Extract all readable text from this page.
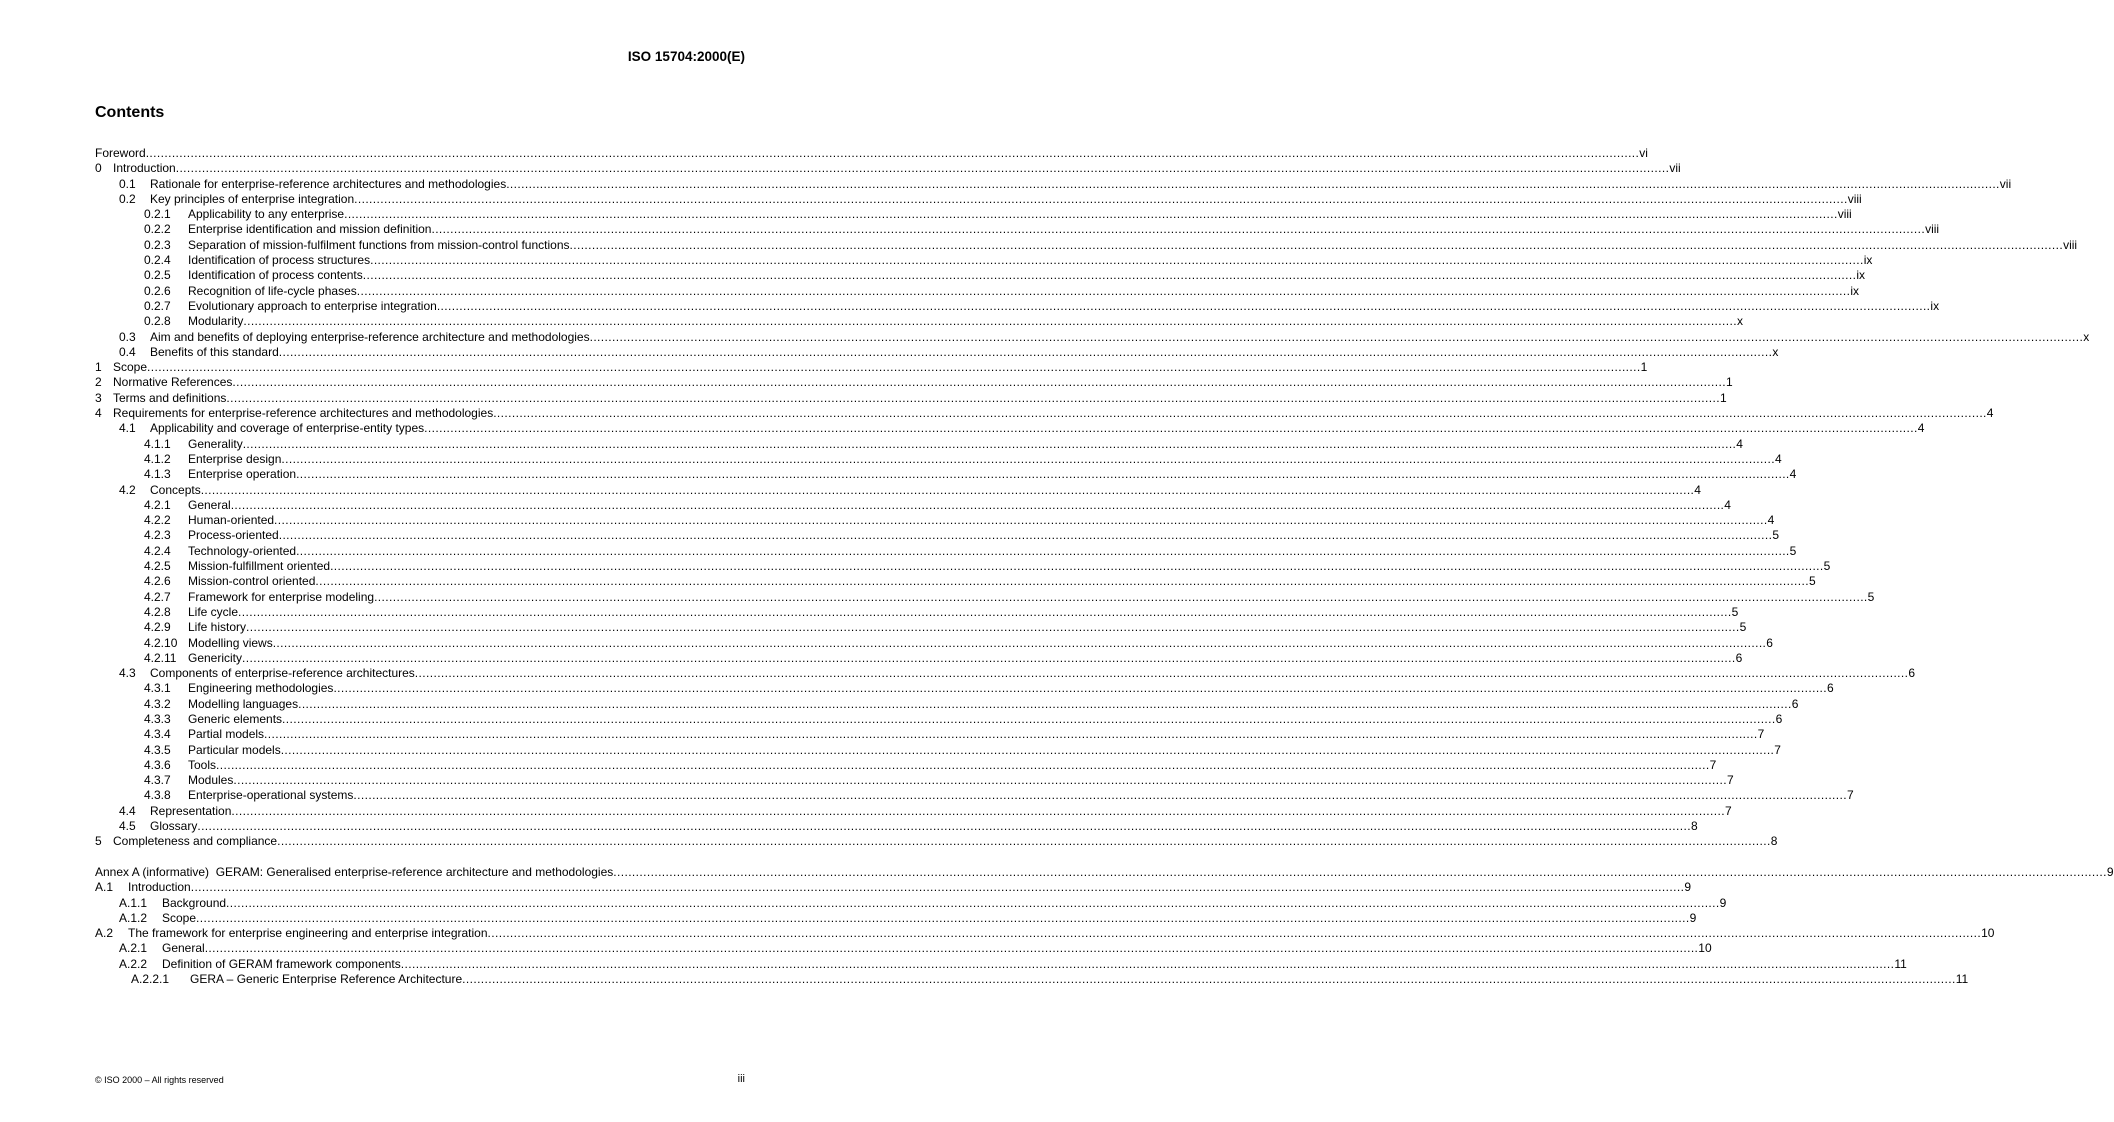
ISO 15704:2000(E)
Contents
Foreword ................................................................................................................................................................................................................................................................................................................................................................................................................ vi
0 Introduction ................................................................................................................................................................................................................................................................................................................................................................................................................ vii
0.1	Rationale for enterprise-reference architectures and methodologies ................................................................................................................................................................................................................................................................................................................................................................................................................ vii
0.2	Key principles of enterprise integration ................................................................................................................................................................................................................................................................................................................................................................................................................ viii
0.2.1	Applicability to any enterprise ................................................................................................................................................................................................................................................................................................................................................................................................................ viii
0.2.2	Enterprise identification and mission definition ................................................................................................................................................................................................................................................................................................................................................................................................................ viii
0.2.3	Separation of mission-fulfilment functions from mission-control functions ................................................................................................................................................................................................................................................................................................................................................................................................................ viii
0.2.4	Identification of process structures ................................................................................................................................................................................................................................................................................................................................................................................................................ ix
0.2.5	Identification of process contents ................................................................................................................................................................................................................................................................................................................................................................................................................ ix
0.2.6	Recognition of life-cycle phases ................................................................................................................................................................................................................................................................................................................................................................................................................ ix
0.2.7	Evolutionary approach to enterprise integration ................................................................................................................................................................................................................................................................................................................................................................................................................ ix
0.2.8	Modularity ................................................................................................................................................................................................................................................................................................................................................................................................................ x
0.3	Aim and benefits of deploying enterprise-reference architecture and methodologies ................................................................................................................................................................................................................................................................................................................................................................................................................ x
0.4	Benefits of this standard ................................................................................................................................................................................................................................................................................................................................................................................................................ x
1 Scope ................................................................................................................................................................................................................................................................................................................................................................................................................ 1
2 Normative References ................................................................................................................................................................................................................................................................................................................................................................................................................ 1
3 Terms and definitions ................................................................................................................................................................................................................................................................................................................................................................................................................ 1
4 Requirements for enterprise-reference architectures and methodologies ................................................................................................................................................................................................................................................................................................................................................................................................................ 4
4.1	Applicability and coverage of enterprise-entity types ................................................................................................................................................................................................................................................................................................................................................................................................................ 4
4.1.1	Generality ................................................................................................................................................................................................................................................................................................................................................................................................................ 4
4.1.2	Enterprise design ................................................................................................................................................................................................................................................................................................................................................................................................................ 4
4.1.3	Enterprise operation ................................................................................................................................................................................................................................................................................................................................................................................................................ 4
4.2	Concepts ................................................................................................................................................................................................................................................................................................................................................................................................................ 4
4.2.1	General ................................................................................................................................................................................................................................................................................................................................................................................................................ 4
4.2.2	Human-oriented ................................................................................................................................................................................................................................................................................................................................................................................................................ 4
4.2.3	Process-oriented ................................................................................................................................................................................................................................................................................................................................................................................................................ 5
4.2.4	Technology-oriented ................................................................................................................................................................................................................................................................................................................................................................................................................ 5
4.2.5	Mission-fulfillment oriented ................................................................................................................................................................................................................................................................................................................................................................................................................ 5
4.2.6	Mission-control oriented ................................................................................................................................................................................................................................................................................................................................................................................................................ 5
4.2.7	Framework for enterprise modeling ................................................................................................................................................................................................................................................................................................................................................................................................................ 5
4.2.8	Life cycle ................................................................................................................................................................................................................................................................................................................................................................................................................ 5
4.2.9	Life history ................................................................................................................................................................................................................................................................................................................................................................................................................ 5
4.2.10 Modelling views ................................................................................................................................................................................................................................................................................................................................................................................................................ 6
4.2.11 Genericity ................................................................................................................................................................................................................................................................................................................................................................................................................ 6
4.3	Components of enterprise-reference architectures ................................................................................................................................................................................................................................................................................................................................................................................................................ 6
4.3.1	Engineering methodologies ................................................................................................................................................................................................................................................................................................................................................................................................................ 6
4.3.2	Modelling languages ................................................................................................................................................................................................................................................................................................................................................................................................................ 6
4.3.3	Generic elements ................................................................................................................................................................................................................................................................................................................................................................................................................ 6
4.3.4	Partial models ................................................................................................................................................................................................................................................................................................................................................................................................................ 7
4.3.5	Particular models ................................................................................................................................................................................................................................................................................................................................................................................................................ 7
4.3.6	Tools ................................................................................................................................................................................................................................................................................................................................................................................................................ 7
4.3.7	Modules ................................................................................................................................................................................................................................................................................................................................................................................................................ 7
4.3.8	Enterprise-operational systems ................................................................................................................................................................................................................................................................................................................................................................................................................ 7
4.4	Representation ................................................................................................................................................................................................................................................................................................................................................................................................................ 7
4.5	Glossary ................................................................................................................................................................................................................................................................................................................................................................................................................ 8
5 Completeness and compliance ................................................................................................................................................................................................................................................................................................................................................................................................................ 8
Annex A (informative)  GERAM: Generalised enterprise-reference architecture and methodologies ................................................................................................................................................................................................................................................................................................................................................................................................................ 9
A.1	Introduction ................................................................................................................................................................................................................................................................................................................................................................................................................ 9
A.1.1	Background ................................................................................................................................................................................................................................................................................................................................................................................................................ 9
A.1.2	Scope ................................................................................................................................................................................................................................................................................................................................................................................................................ 9
A.2	The framework for enterprise engineering and enterprise integration ................................................................................................................................................................................................................................................................................................................................................................................................................ 10
A.2.1	General ................................................................................................................................................................................................................................................................................................................................................................................................................ 10
A.2.2	Definition of GERAM framework components ................................................................................................................................................................................................................................................................................................................................................................................................................ 11
A.2.2.1	GERA – Generic Enterprise Reference Architecture ................................................................................................................................................................................................................................................................................................................................................................................................................ 11
© ISO 2000 – All rights reserved	iii
